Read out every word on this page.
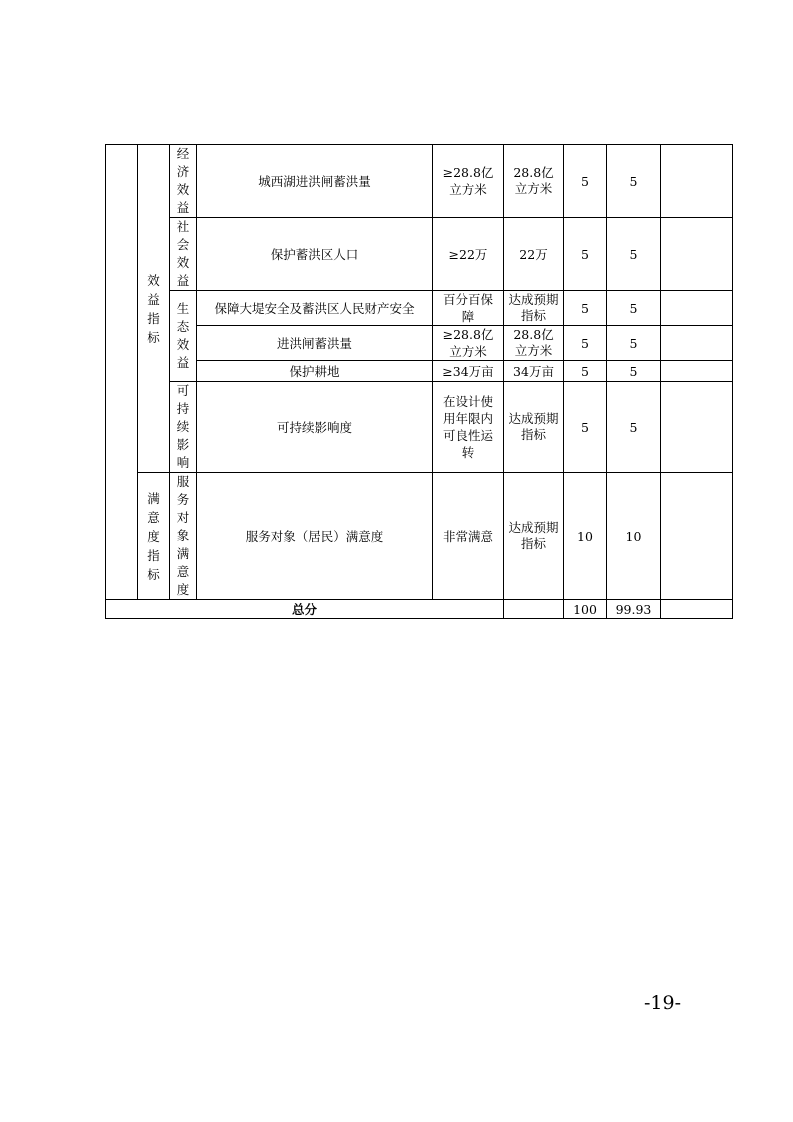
	效益指标	经济效益	城西湖进洪闸蓄洪量	≥28.8亿立方米	28.8亿立方米	5	5	
		社会效益	保护蓄洪区人口	≥22万	22万	5	5	
		生态效益	保障大堤安全及蓄洪区人民财产安全	百分百保障	达成预期指标	5	5	
			进洪闸蓄洪量	≥28.8亿立方米	28.8亿立方米	5	5	
			保护耕地	≥34万亩	34万亩	5	5	
		可持续影响	可持续影响度	在设计使用年限内可良性运转	达成预期指标	5	5	
	满意度指标	服务对象满意度	服务对象（居民）满意度	非常满意	达成预期指标	10	10	
总分						100	99.93	
-19-
